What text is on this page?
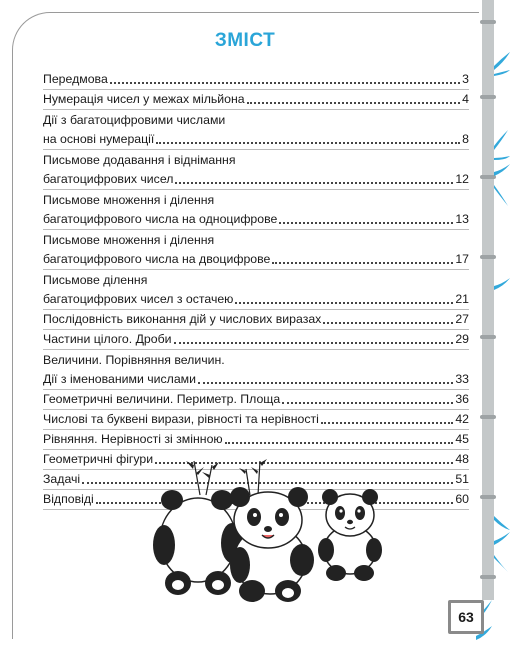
ЗМІСТ
Передмова	3
Нумерація чисел у межах мільйона	4
Дії з багатоцифровими числами
на основі нумерації	8
Письмове додавання і віднімання
багатоцифрових чисел	12
Письмове множення і ділення
багатоцифрового числа на одноцифрове	13
Письмове множення і ділення
багатоцифрового числа на двоцифрове	17
Письмове ділення
багатоцифрових чисел з остачею	21
Послідовність виконання дій у числових виразах	27
Частини цілого. Дроби	29
Величини. Порівняння величин.
Дії з іменованими числами	33
Геометричні величини. Периметр. Площа	36
Числові та буквені вирази, рівності та нерівності	42
Рівняння. Нерівності зі змінною	45
Геометричні фігури	48
Задачі	51
Відповіді	60
63
